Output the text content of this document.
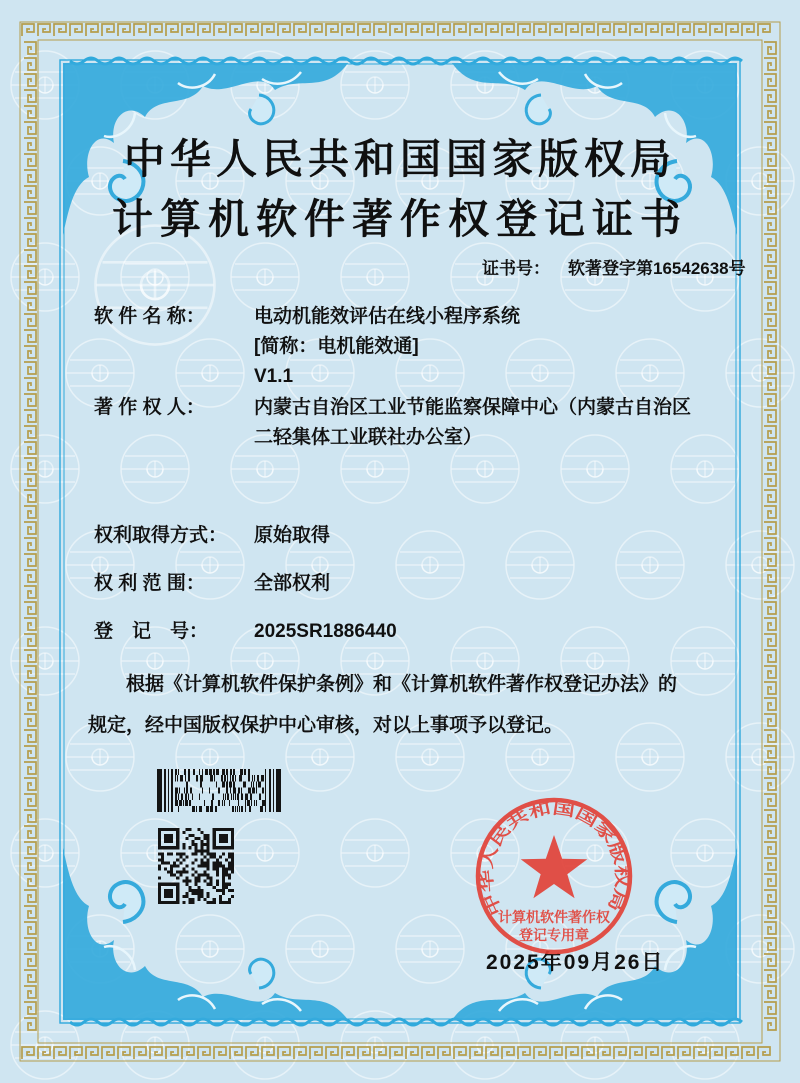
中华人民共和国国家版权局
计算机软件著作权登记证书
证书号： 软著登字第16542638号
软 件 名 称：	电动机能效评估在线小程序系统
[简称：电机能效通]
V1.1
著 作 权 人：	内蒙古自治区工业节能监察保障中心（内蒙古自治区
二轻集体工业联社办公室）
权利取得方式：	原始取得
权 利 范 围：	全部权利
登　记　号：	2025SR1886440
根据《计算机软件保护条例》和《计算机软件著作权登记办法》的
规定，经中国版权保护中心审核，对以上事项予以登记。
2025年09月26日
中华人民共和国国家版权局
计算机软件著作权
登记专用章
